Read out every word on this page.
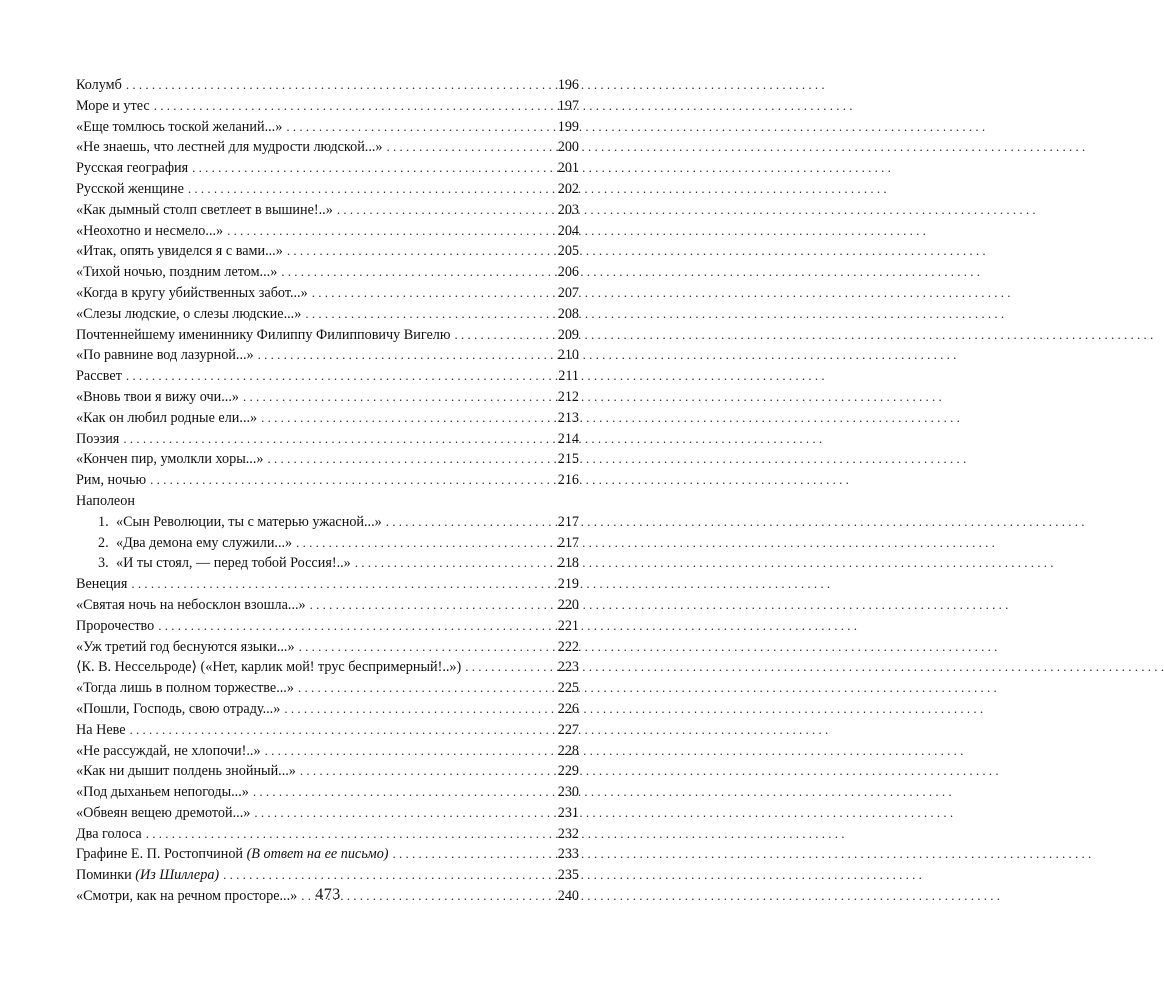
Колумб . . .	196
Море и утес . . .	197
«Еще томлюсь тоской желаний...» . . .	199
«Не знаешь, что лестней для мудрости людской...» . . .	200
Русская география . . .	201
Русской женщине . . .	202
«Как дымный столп светлеет в вышине!..» . . .	203
«Неохотно и несмело...» . . .	204
«Итак, опять увиделся я с вами...» . . .	205
«Тихой ночью, поздним летом...» . . .	206
«Когда в кругу убийственных забот...» . . .	207
«Слезы людские, о слезы людские...» . . .	208
Почтеннейшему имениннику Филиппу Филипповичу Вигелю . . .	209
«По равнине вод лазурной...» . . .	210
Рассвет . . .	211
«Вновь твои я вижу очи...» . . .	212
«Как он любил родные ели...» . . .	213
Поэзия . . .	214
«Кончен пир, умолкли хоры...» . . .	215
Рим, ночью . . .	216
Наполеон
1. «Сын Революции, ты с матерью ужасной...» . . .	217
2. «Два демона ему служили...» . . .	217
3. «И ты стоял, — перед тобой Россия!..» . . .	218
Венеция . . .	219
«Святая ночь на небосклон взошла...» . . .	220
Пророчество . . .	221
«Уж третий год беснуются языки...» . . .	222
⟨К. В. Нессельроде⟩ («Нет, карлик мой! трус беспримерный!..») . . .	223
«Тогда лишь в полном торжестве...» . . .	225
«Пошли, Господь, свою отраду...» . . .	226
На Неве . . .	227
«Не рассуждай, не хлопочи!..» . . .	228
«Как ни дышит полдень знойный...» . . .	229
«Под дыханьем непогоды...» . . .	230
«Обвеян вещею дремотой...» . . .	231
Два голоса . . .	232
Графине Е. П. Ростопчиной (В ответ на ее письмо) . . .	233
Поминки (Из Шиллера) . . .	235
«Смотри, как на речном просторе...» . . .	240
473
